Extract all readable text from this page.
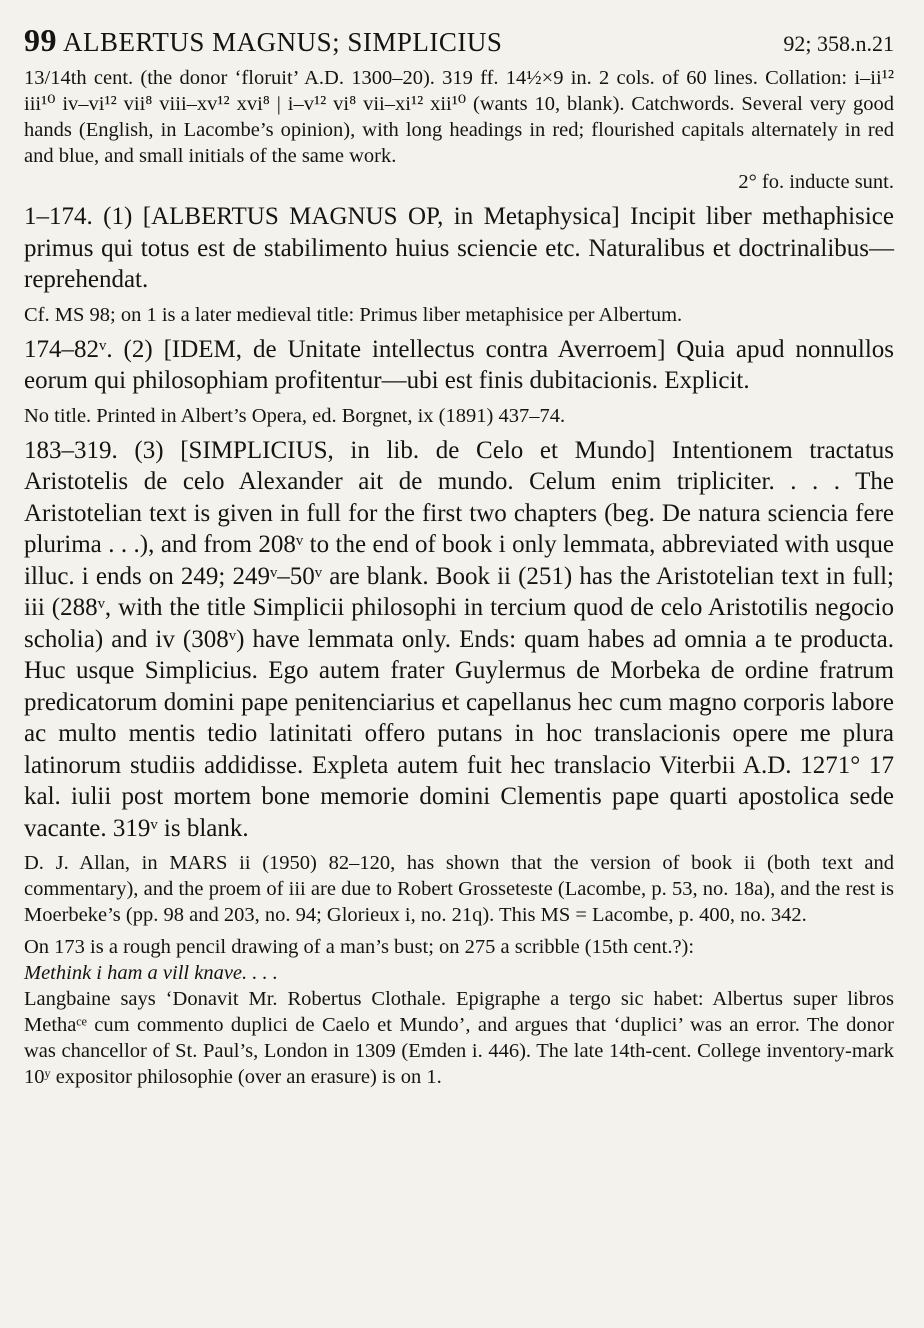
99 ALBERTUS MAGNUS; SIMPLICIUS	92; 358.n.21

13/14th cent. (the donor ‘floruit’ A.D. 1300–20). 319 ff. 14½×9 in. 2 cols. of 60 lines. Collation: i–ii¹² iii¹⁰ iv–vi¹² vii⁸ viii–xv¹² xvi⁸ | i–v¹² vi⁸ vii–xi¹² xii¹⁰ (wants 10, blank). Catchwords. Several very good hands (English, in Lacombe’s opinion), with long headings in red; flourished capitals alternately in red and blue, and small initials of the same work.

2° fo. inducte sunt.

1–174. (1) [ALBERTUS MAGNUS OP, in Metaphysica] Incipit liber methaphisice primus qui totus est de stabilimento huius sciencie etc. Naturalibus et doctrinalibus—reprehendat.

Cf. MS 98; on 1 is a later medieval title: Primus liber metaphisice per Albertum.

174–82ᵛ. (2) [IDEM, de Unitate intellectus contra Averroem] Quia apud nonnullos eorum qui philosophiam profitentur—ubi est finis dubitacionis. Explicit.

No title. Printed in Albert’s Opera, ed. Borgnet, ix (1891) 437–74.

183–319. (3) [SIMPLICIUS, in lib. de Celo et Mundo] Intentionem tractatus Aristotelis de celo Alexander ait de mundo. Celum enim tripliciter. . . . The Aristotelian text is given in full for the first two chapters (beg. De natura sciencia fere plurima . . .), and from 208ᵛ to the end of book i only lemmata, abbreviated with usque illuc. i ends on 249; 249ᵛ–50ᵛ are blank. Book ii (251) has the Aristotelian text in full; iii (288ᵛ, with the title Simplicii philosophi in tercium quod de celo Aristotilis negocio scholia) and iv (308ᵛ) have lemmata only. Ends: quam habes ad omnia a te producta. Huc usque Simplicius. Ego autem frater Guylermus de Morbeka de ordine fratrum predicatorum domini pape penitenciarius et capellanus hec cum magno corporis labore ac multo mentis tedio latinitati offero putans in hoc translacionis opere me plura latinorum studiis addidisse. Expleta autem fuit hec translacio Viterbii A.D. 1271° 17 kal. iulii post mortem bone memorie domini Clementis pape quarti apostolica sede vacante. 319ᵛ is blank.

D. J. Allan, in MARS ii (1950) 82–120, has shown that the version of book ii (both text and commentary), and the proem of iii are due to Robert Grosseteste (Lacombe, p. 53, no. 18a), and the rest is Moerbeke’s (pp. 98 and 203, no. 94; Glorieux i, no. 21q). This MS = Lacombe, p. 400, no. 342.

On 173 is a rough pencil drawing of a man’s bust; on 275 a scribble (15th cent.?):

Methink i ham a vill knave. . . .

Langbaine says ‘Donavit Mr. Robertus Clothale. Epigraphe a tergo sic habet: Albertus super libros Methaᶜᵉ cum commento duplici de Caelo et Mundo’, and argues that ‘duplici’ was an error. The donor was chancellor of St. Paul’s, London in 1309 (Emden i. 446). The late 14th-cent. College inventory-mark 10ʸ expositor philosophie (over an erasure) is on 1.
